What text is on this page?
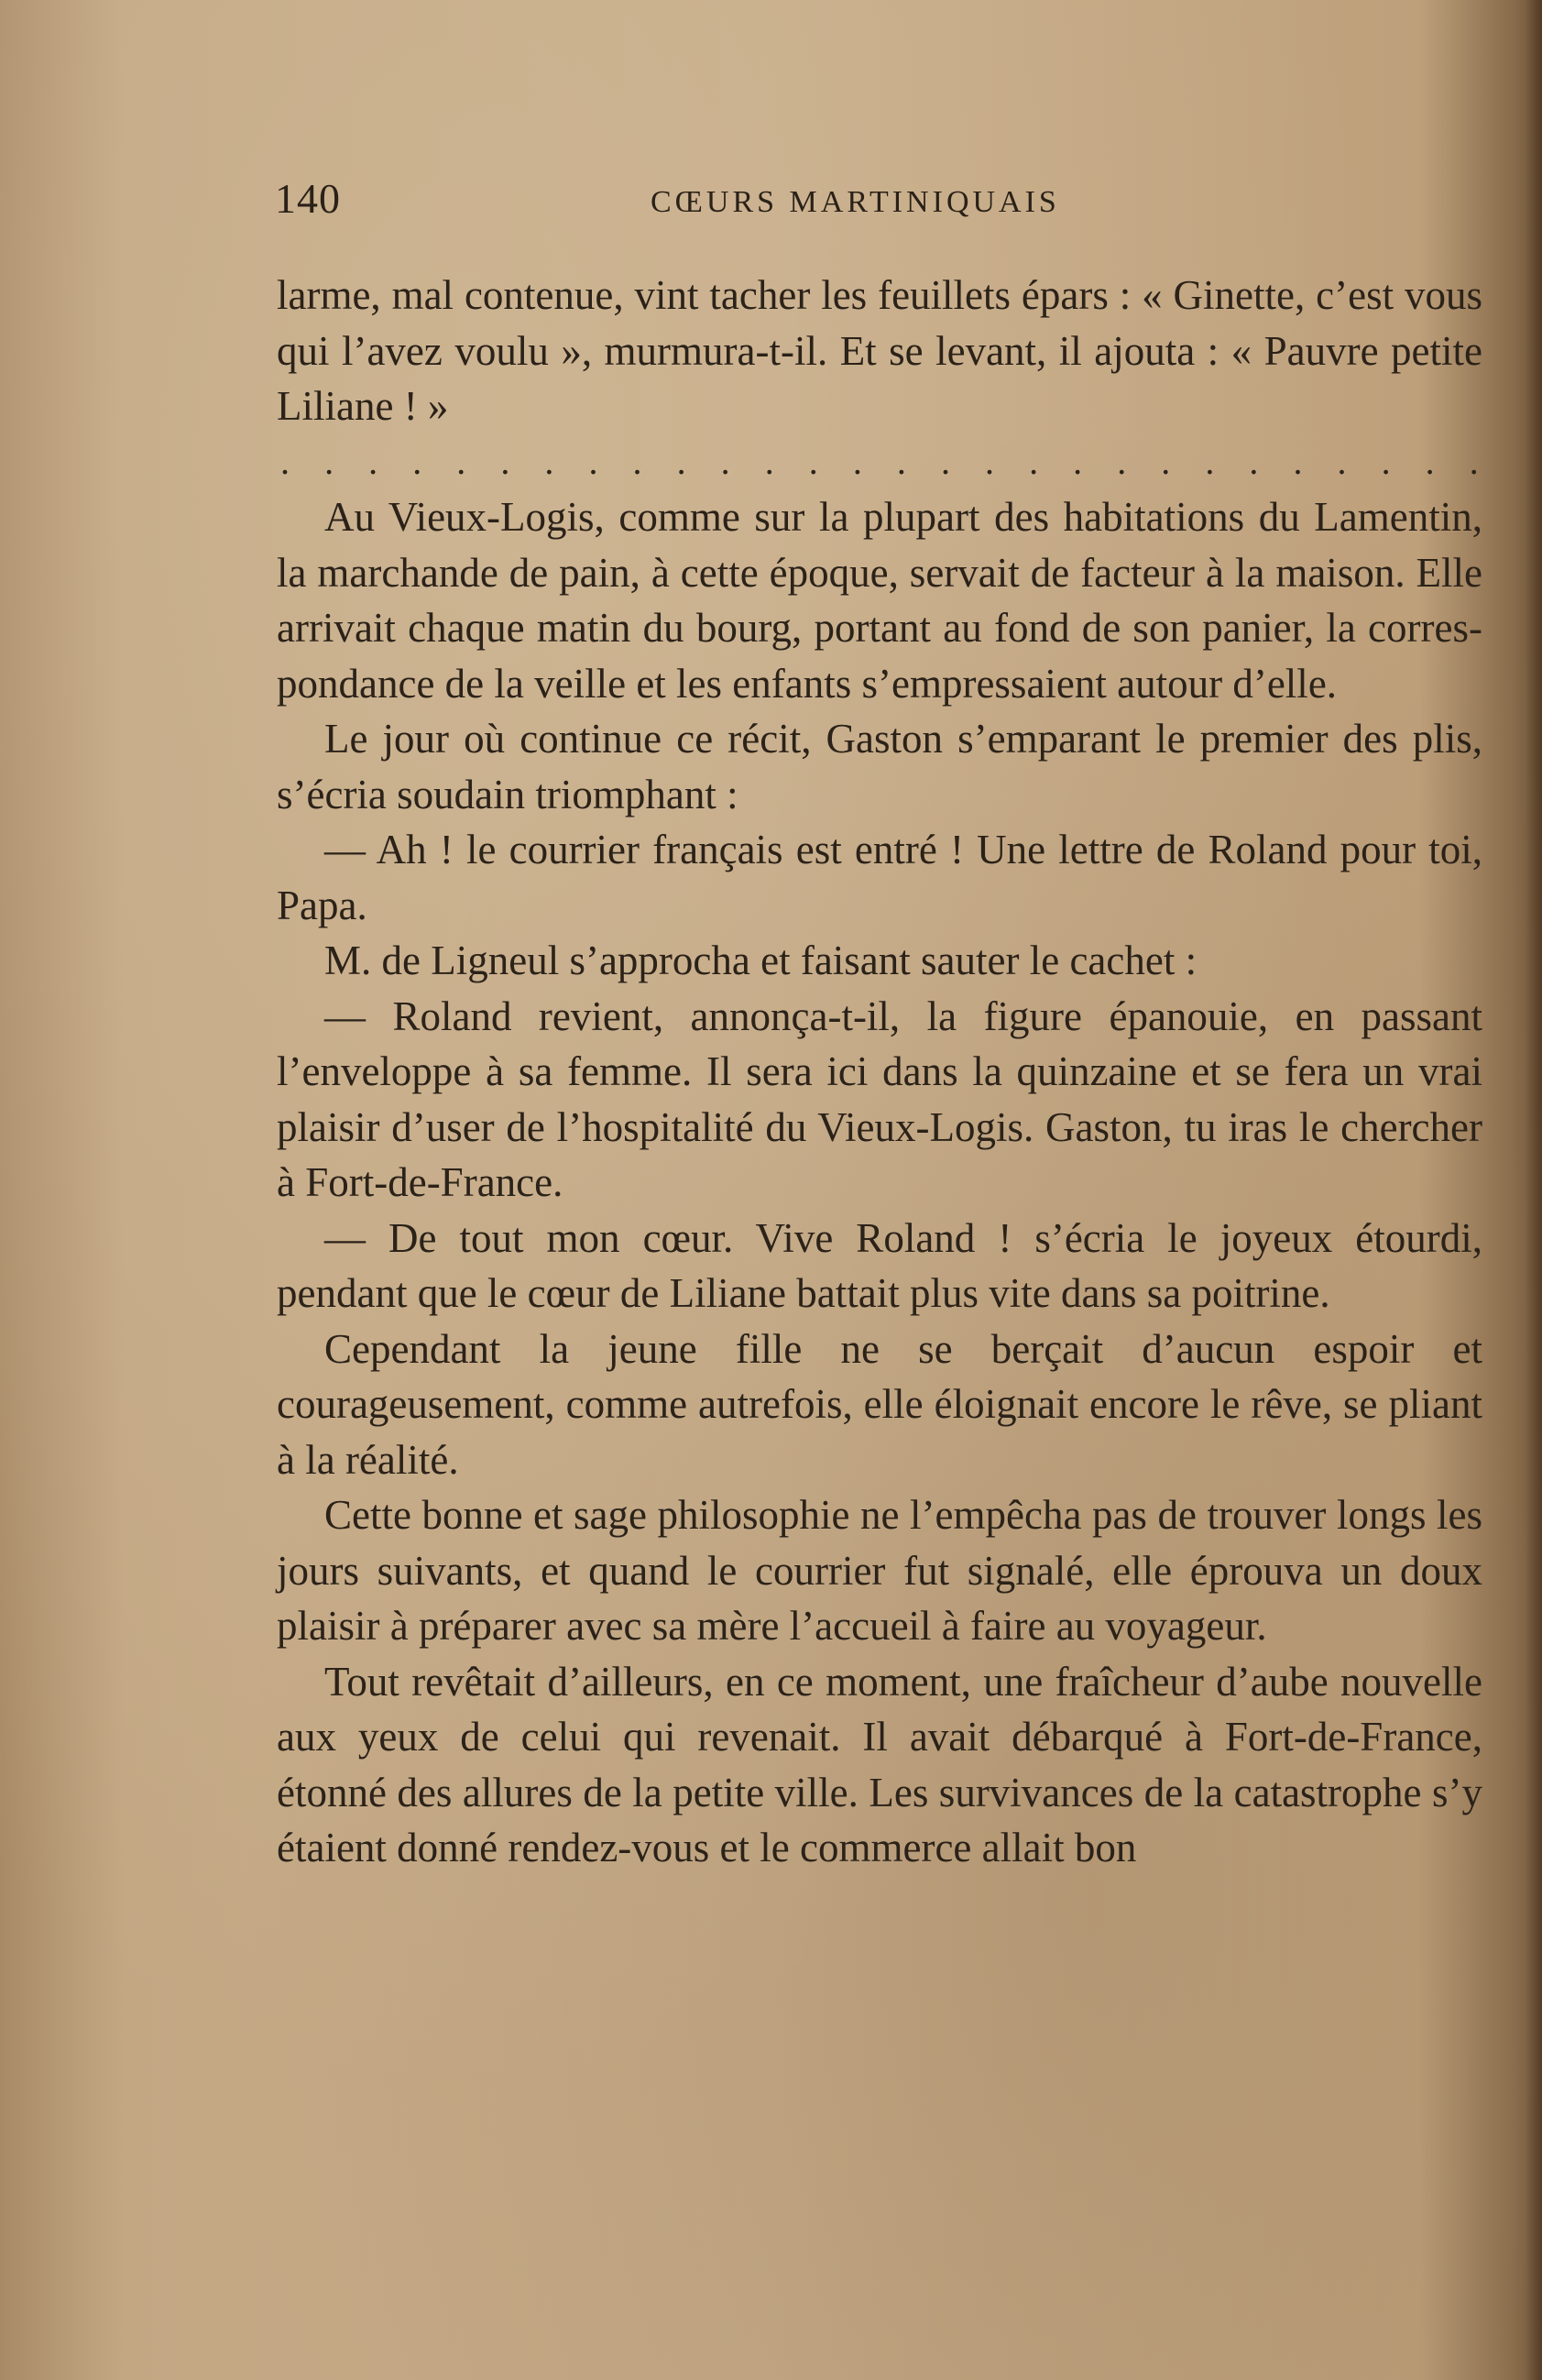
140	CŒURS MARTINIQUAIS

larme, mal contenue, vint tacher les feuillets épars : « Ginette, c’est vous qui l’avez voulu », murmura-t-il. Et se levant, il ajouta : « Pauvre petite Liliane ! »

. . . . . . . . . . . . . . . . . . . . . . . . . . . .

Au Vieux-Logis, comme sur la plupart des habitations du Lamentin, la marchande de pain, à cette époque, servait de facteur à la maison. Elle arrivait chaque matin du bourg, portant au fond de son panier, la correspondance de la veille et les enfants s’empressaient autour d’elle.

Le jour où continue ce récit, Gaston s’emparant le premier des plis, s’écria soudain triomphant :

— Ah ! le courrier français est entré ! Une lettre de Roland pour toi, Papa.

M. de Ligneul s’approcha et faisant sauter le cachet :

— Roland revient, annonça-t-il, la figure épanouie, en passant l’enveloppe à sa femme. Il sera ici dans la quinzaine et se fera un vrai plaisir d’user de l’hospitalité du Vieux-Logis. Gaston, tu iras le chercher à Fort-de-France.

— De tout mon cœur. Vive Roland ! s’écria le joyeux étourdi, pendant que le cœur de Liliane battait plus vite dans sa poitrine.

Cependant la jeune fille ne se berçait d’aucun espoir et courageusement, comme autrefois, elle éloignait encore le rêve, se pliant à la réalité.

Cette bonne et sage philosophie ne l’empêcha pas de trouver longs les jours suivants, et quand le courrier fut signalé, elle éprouva un doux plaisir à préparer avec sa mère l’accueil à faire au voyageur.

Tout revêtait d’ailleurs, en ce moment, une fraîcheur d’aube nouvelle aux yeux de celui qui revenait. Il avait débarqué à Fort-de-France, étonné des allures de la petite ville. Les survivances de la catastrophe s’y étaient donné rendez-vous et le commerce allait bon
